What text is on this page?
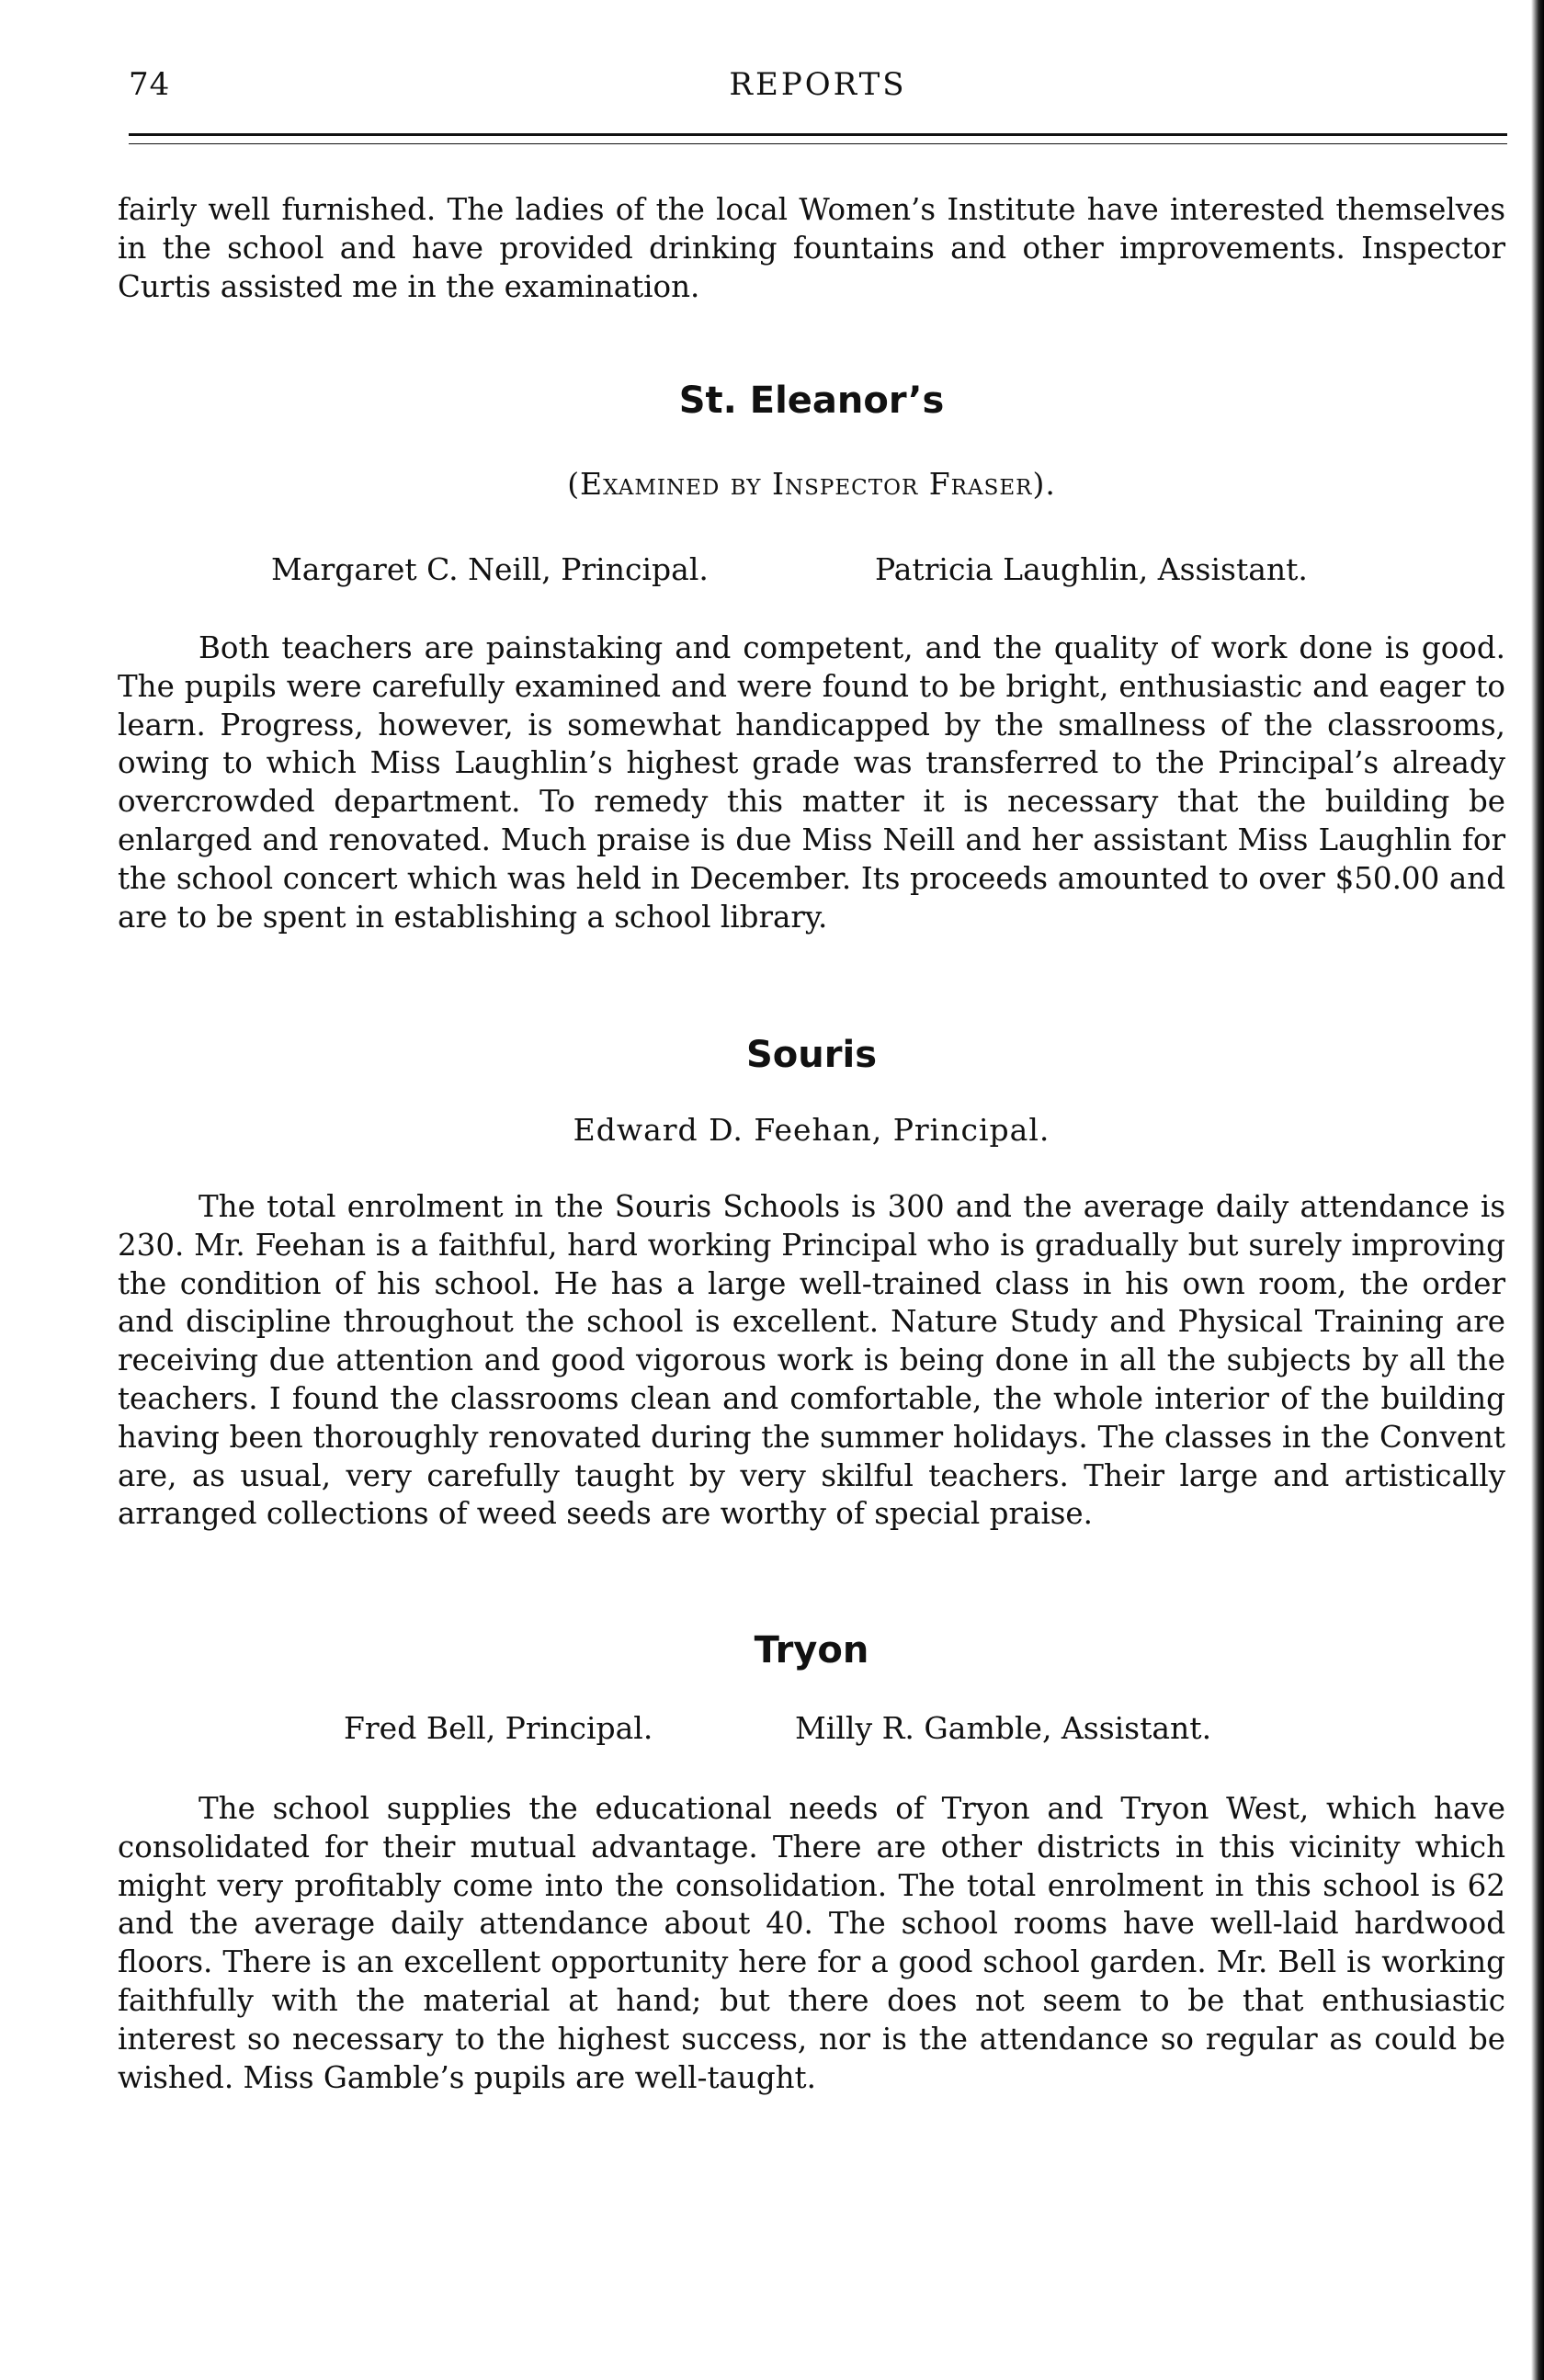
74	REPORTS

fairly well furnished. The ladies of the local Women’s Institute have interested themselves in the school and have provided drinking fountains and other improvements. Inspector Curtis assisted me in the examination.

St. Eleanor’s
(Examined by Inspector Fraser).
Margaret C. Neill, Principal.	Patricia Laughlin, Assistant.

Both teachers are painstaking and competent, and the quality of work done is good. The pupils were carefully examined and were found to be bright, enthusiastic and eager to learn. Progress, however, is somewhat handicapped by the smallness of the classrooms, owing to which Miss Laughlin’s highest grade was transferred to the Principal’s already overcrowded department. To remedy this matter it is necessary that the building be enlarged and renovated. Much praise is due Miss Neill and her assistant Miss Laughlin for the school concert which was held in December. Its proceeds amounted to over $50.00 and are to be spent in establishing a school library.

Souris
Edward D. Feehan, Principal.

The total enrolment in the Souris Schools is 300 and the average daily attendance is 230. Mr. Feehan is a faithful, hard working Principal who is gradually but surely improving the condition of his school. He has a large well-trained class in his own room, the order and discipline throughout the school is excellent. Nature Study and Physical Training are receiving due attention and good vigorous work is being done in all the subjects by all the teachers. I found the classrooms clean and comfortable, the whole interior of the building having been thoroughly renovated during the summer holidays. The classes in the Convent are, as usual, very carefully taught by very skilful teachers. Their large and artistically arranged collections of weed seeds are worthy of special praise.

Tryon
Fred Bell, Principal.	Milly R. Gamble, Assistant.

The school supplies the educational needs of Tryon and Tryon West, which have consolidated for their mutual advantage. There are other districts in this vicinity which might very profitably come into the consolidation. The total enrolment in this school is 62 and the average daily attendance about 40. The school rooms have well-laid hardwood floors. There is an excellent opportunity here for a good school garden. Mr. Bell is working faithfully with the material at hand; but there does not seem to be that enthusiastic interest so necessary to the highest success, nor is the attendance so regular as could be wished. Miss Gamble’s pupils are well-taught.
